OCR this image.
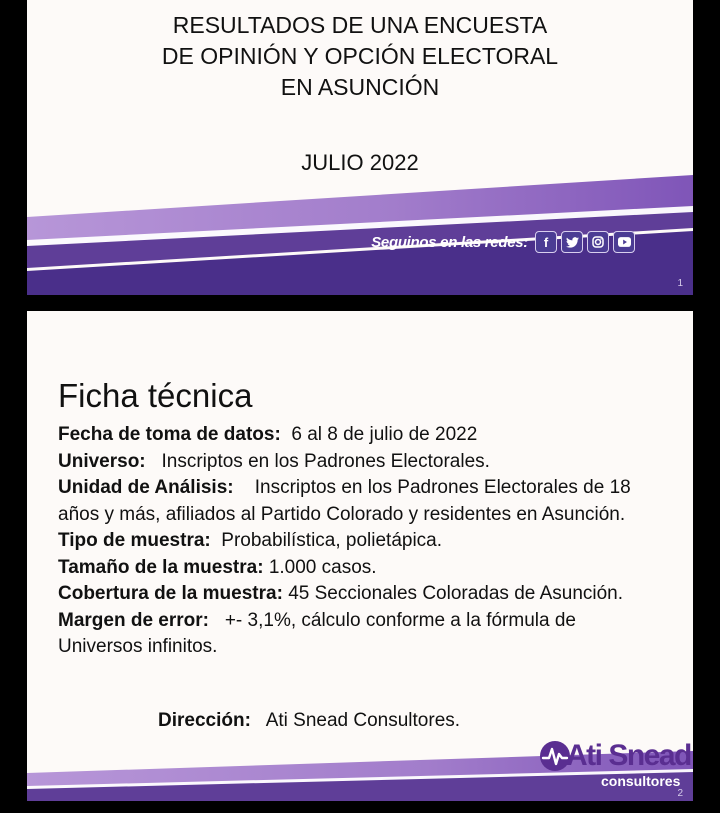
RESULTADOS DE UNA ENCUESTA
DE OPINIÓN Y OPCIÓN ELECTORAL
EN ASUNCIÓN
JULIO 2022
Seguinos en las redes:	f
1
Ficha técnica

Fecha de toma de datos: 6 al 8 de julio de 2022

Universo: Inscriptos en los Padrones Electorales.

Unidad de Análisis: Inscriptos en los Padrones Electorales de 18 años y más, afiliados al Partido Colorado y residentes en Asunción.

Tipo de muestra: Probabilística, polietápica.

Tamaño de la muestra: 1.000 casos.

Cobertura de la muestra: 45 Seccionales Coloradas de Asunción.

Margen de error: +- 3,1%, cálculo conforme a la fórmula de Universos infinitos.

Dirección: Ati Snead Consultores.
Ati Snead
consultores
2
